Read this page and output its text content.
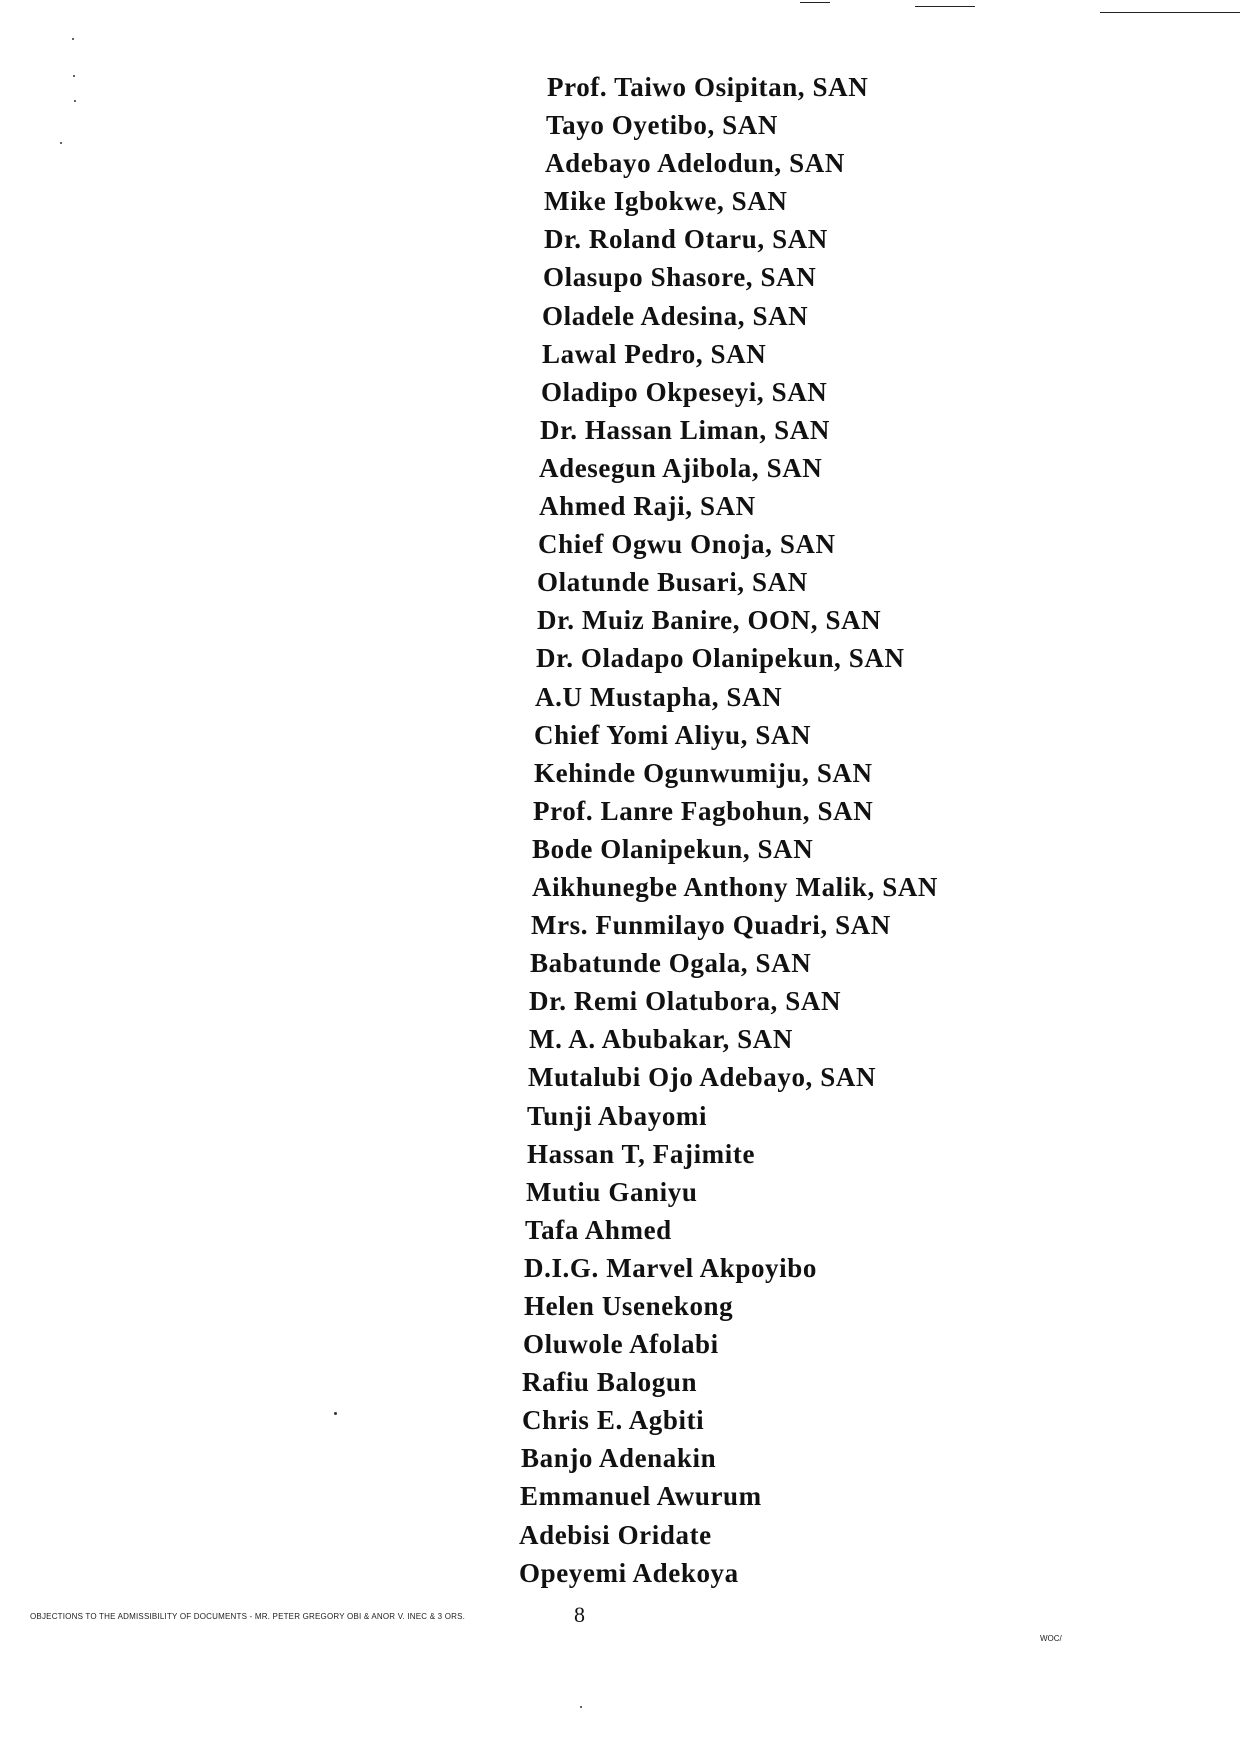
Prof. Taiwo Osipitan, SAN
Tayo Oyetibo, SAN
Adebayo Adelodun, SAN
Mike Igbokwe, SAN
Dr. Roland Otaru, SAN
Olasupo Shasore, SAN
Oladele Adesina, SAN
Lawal Pedro, SAN
Oladipo Okpeseyi, SAN
Dr. Hassan Liman, SAN
Adesegun Ajibola, SAN
Ahmed Raji, SAN
Chief Ogwu Onoja, SAN
Olatunde Busari, SAN
Dr. Muiz Banire, OON, SAN
Dr. Oladapo Olanipekun, SAN
A.U Mustapha, SAN
Chief Yomi Aliyu, SAN
Kehinde Ogunwumiju, SAN
Prof. Lanre Fagbohun, SAN
Bode Olanipekun, SAN
Aikhunegbe Anthony Malik, SAN
Mrs. Funmilayo Quadri, SAN
Babatunde Ogala, SAN
Dr. Remi Olatubora, SAN
M. A. Abubakar, SAN
Mutalubi Ojo Adebayo, SAN
Tunji Abayomi
Hassan T, Fajimite
Mutiu Ganiyu
Tafa Ahmed
D.I.G. Marvel Akpoyibo
Helen Usenekong
Oluwole Afolabi
Rafiu Balogun
Chris E. Agbiti
Banjo Adenakin
Emmanuel Awurum
Adebisi Oridate
Opeyemi Adekoya
OBJECTIONS TO THE ADMISSIBILITY OF DOCUMENTS - MR. PETER GREGORY OBI & ANOR V. INEC & 3 ORS.	8
WOC/
